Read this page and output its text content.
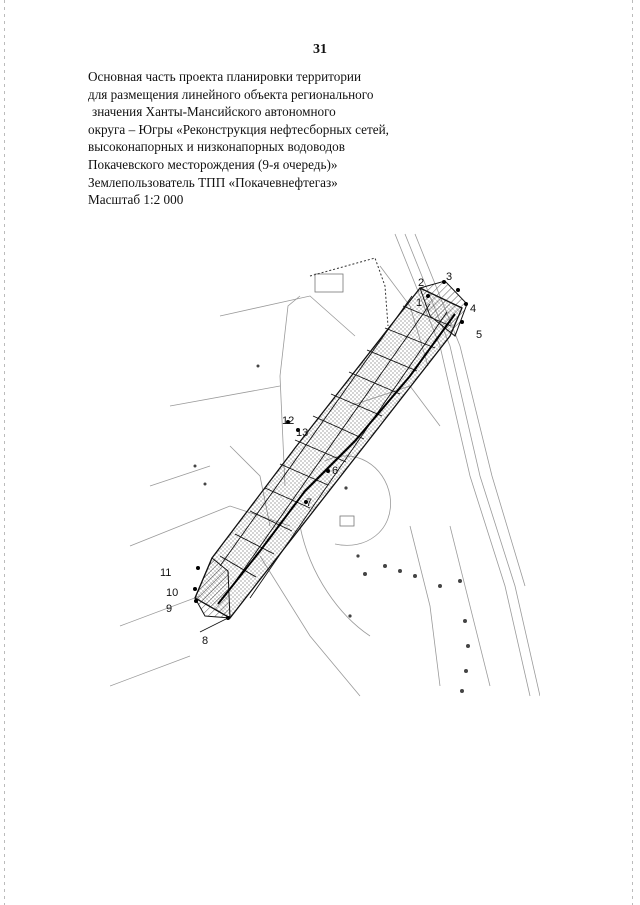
31
Основная часть проекта планировки территории
для размещения линейного объекта регионального
значения Ханты-Мансийского автономного
округа – Югры «Реконструкция нефтесборных сетей,
высоконапорных и низконапорных водоводов
Покачевского месторождения (9-я очередь)»
Землепользователь ТПП «Покачевнефтегаз»
Масштаб 1:2 000
1
2 3
4
5
6
7
8
9
10
11
12
13
